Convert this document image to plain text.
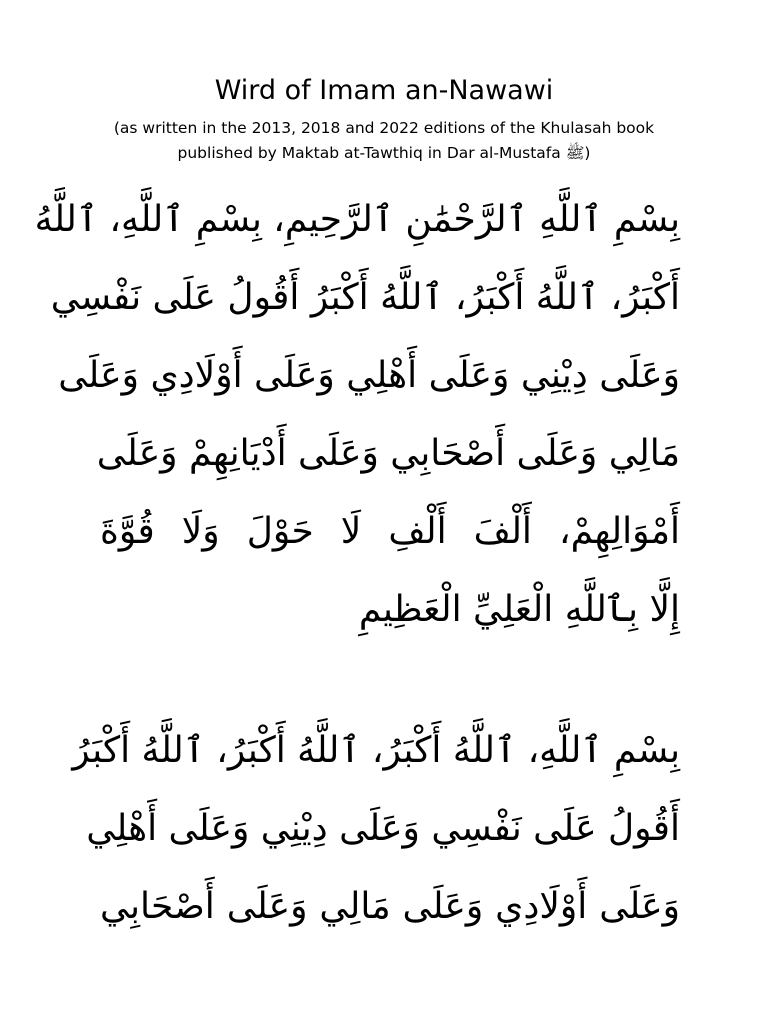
Wird of Imam an-Nawawi
(as written in the 2013, 2018 and 2022 editions of the Khulasah book
published by Maktab at-Tawthiq in Dar al-Mustafa ﷺ)
بِسْمِ ٱللَّهِ ٱلرَّحْمَٰنِ ٱلرَّحِيمِ، بِسْمِ ٱللَّهِ، ٱللَّهُ
أَكْبَرُ، ٱللَّهُ أَكْبَرُ، ٱللَّهُ أَكْبَرُ أَقُولُ عَلَى نَفْسِي
وَعَلَى دِيْنِي وَعَلَى أَهْلِي وَعَلَى أَوْلَادِي وَعَلَى
مَالِي وَعَلَى أَصْحَابِي وَعَلَى أَدْيَانِهِمْ وَعَلَى
أَمْوَالِهِمْ، أَلْفَ أَلْفِ لَا حَوْلَ وَلَا قُوَّةَ
إِلَّا بِٱللَّهِ الْعَلِيِّ الْعَظِيمِ
بِسْمِ ٱللَّهِ، ٱللَّهُ أَكْبَرُ، ٱللَّهُ أَكْبَرُ، ٱللَّهُ أَكْبَرُ
أَقُولُ عَلَى نَفْسِي وَعَلَى دِيْنِي وَعَلَى أَهْلِي
وَعَلَى أَوْلَادِي وَعَلَى مَالِي وَعَلَى أَصْحَابِي
